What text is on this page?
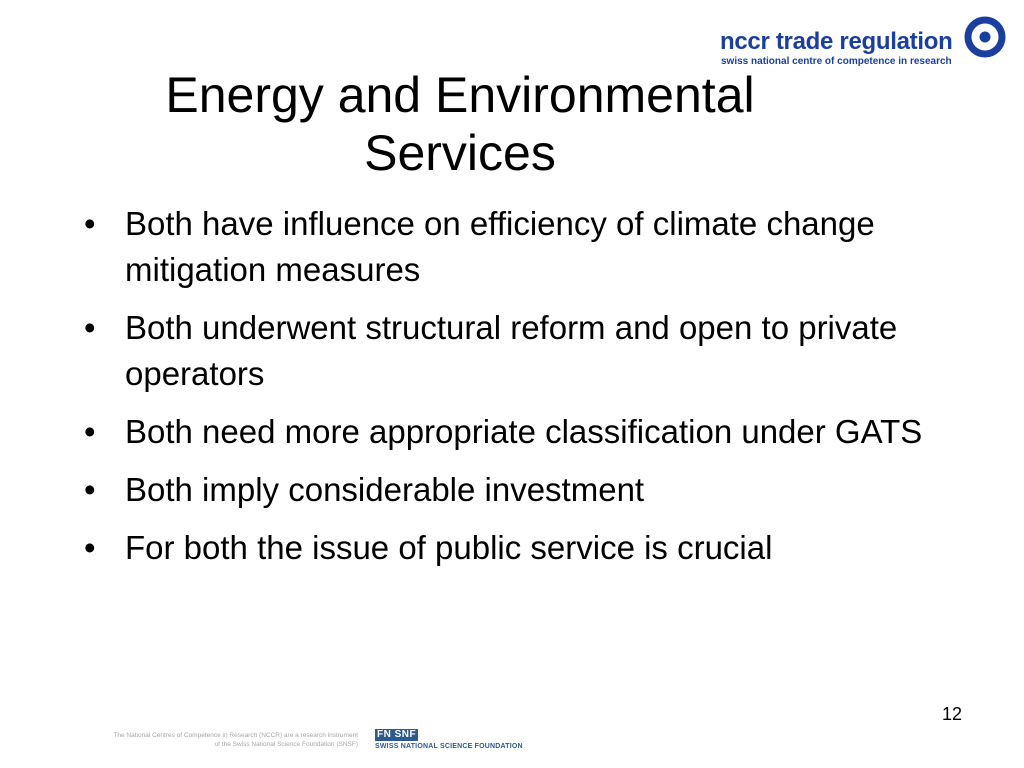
nccr trade regulation
swiss national centre of competence in research
Energy and Environmental
Services
• Both have influence on efficiency of climate change mitigation measures
• Both underwent structural reform and open to private operators
• Both need more appropriate classification under GATS
• Both imply considerable investment
• For both the issue of public service is crucial
12
The National Centres of Competence in Research (NCCR) are a research instrument
of the Swiss National Science Foundation (SNSF)
FN SNF
SWISS NATIONAL SCIENCE FOUNDATION
